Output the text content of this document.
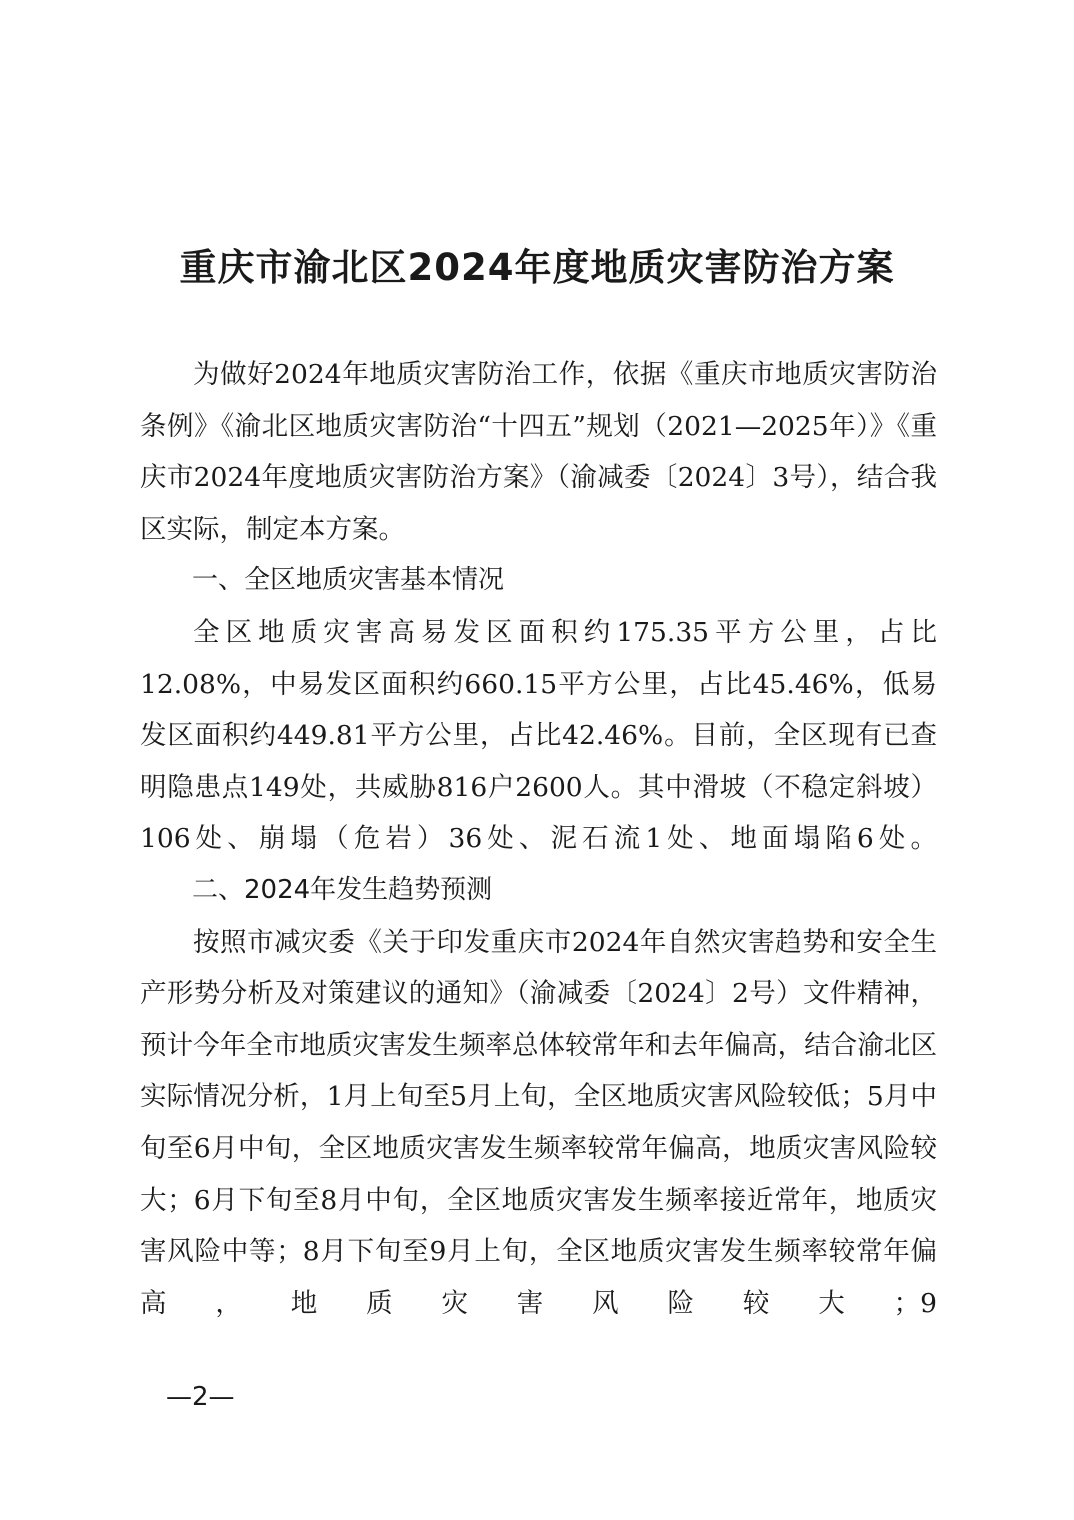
重庆市渝北区2024年度地质灾害防治方案

为做好2024年地质灾害防治工作，依据《重庆市地质灾害防治条例》《渝北区地质灾害防治“十四五”规划（2021—2025年）》《重庆市2024年度地质灾害防治方案》（渝减委〔2024〕3号），结合我区实际，制定本方案。

一、全区地质灾害基本情况

全区地质灾害高易发区面积约175.35平方公里，占比12.08%，中易发区面积约660.15平方公里，占比45.46%，低易发区面积约449.81平方公里，占比42.46%。目前，全区现有已查明隐患点149处，共威胁816户2600人。其中滑坡（不稳定斜坡）106处、崩塌（危岩）36处、泥石流1处、地面塌陷6处。

二、2024年发生趋势预测

按照市减灾委《关于印发重庆市2024年自然灾害趋势和安全生产形势分析及对策建议的通知》（渝减委〔2024〕2号）文件精神，预计今年全市地质灾害发生频率总体较常年和去年偏高，结合渝北区实际情况分析，1月上旬至5月上旬，全区地质灾害风险较低；5月中旬至6月中旬，全区地质灾害发生频率较常年偏高，地质灾害风险较大；6月下旬至8月中旬，全区地质灾害发生频率接近常年，地质灾害风险中等；8月下旬至9月上旬，全区地质灾害发生频率较常年偏高，地质灾害风险较大；9

—2—
